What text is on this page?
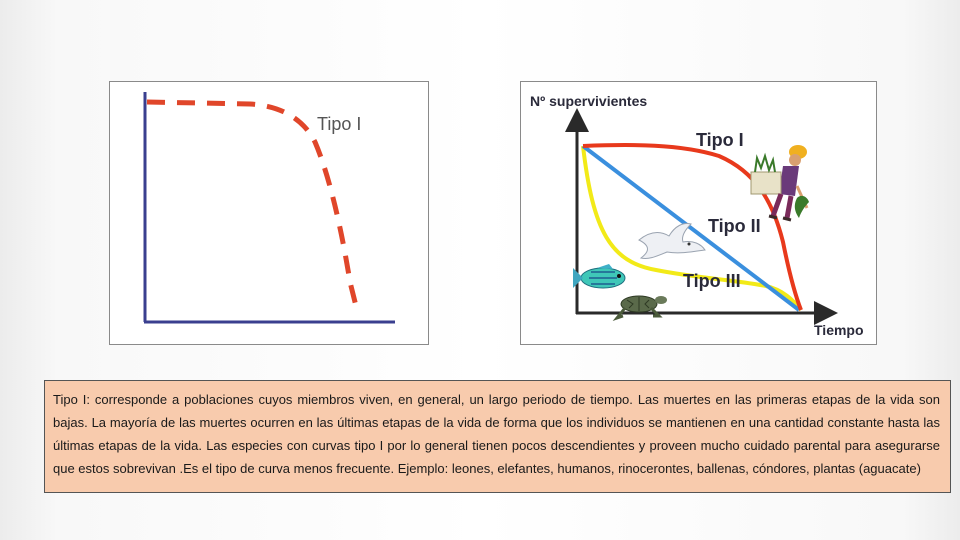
Tipo I
Nº supervivientes
Tiempo
Tipo I
Tipo II
Tipo III

Tipo I: corresponde a poblaciones cuyos miembros viven, en general, un largo periodo de tiempo. Las muertes en las primeras etapas de la vida son bajas. La mayoría de las muertes ocurren en las últimas etapas de la vida de forma que los individuos se mantienen en una cantidad constante hasta las últimas etapas de la vida. Las especies con curvas tipo I por lo general tienen pocos descendientes y proveen mucho cuidado parental para asegurarse que estos sobrevivan .Es el tipo de curva menos frecuente. Ejemplo: leones, elefantes, humanos, rinocerontes, ballenas, cóndores, plantas (aguacate)
